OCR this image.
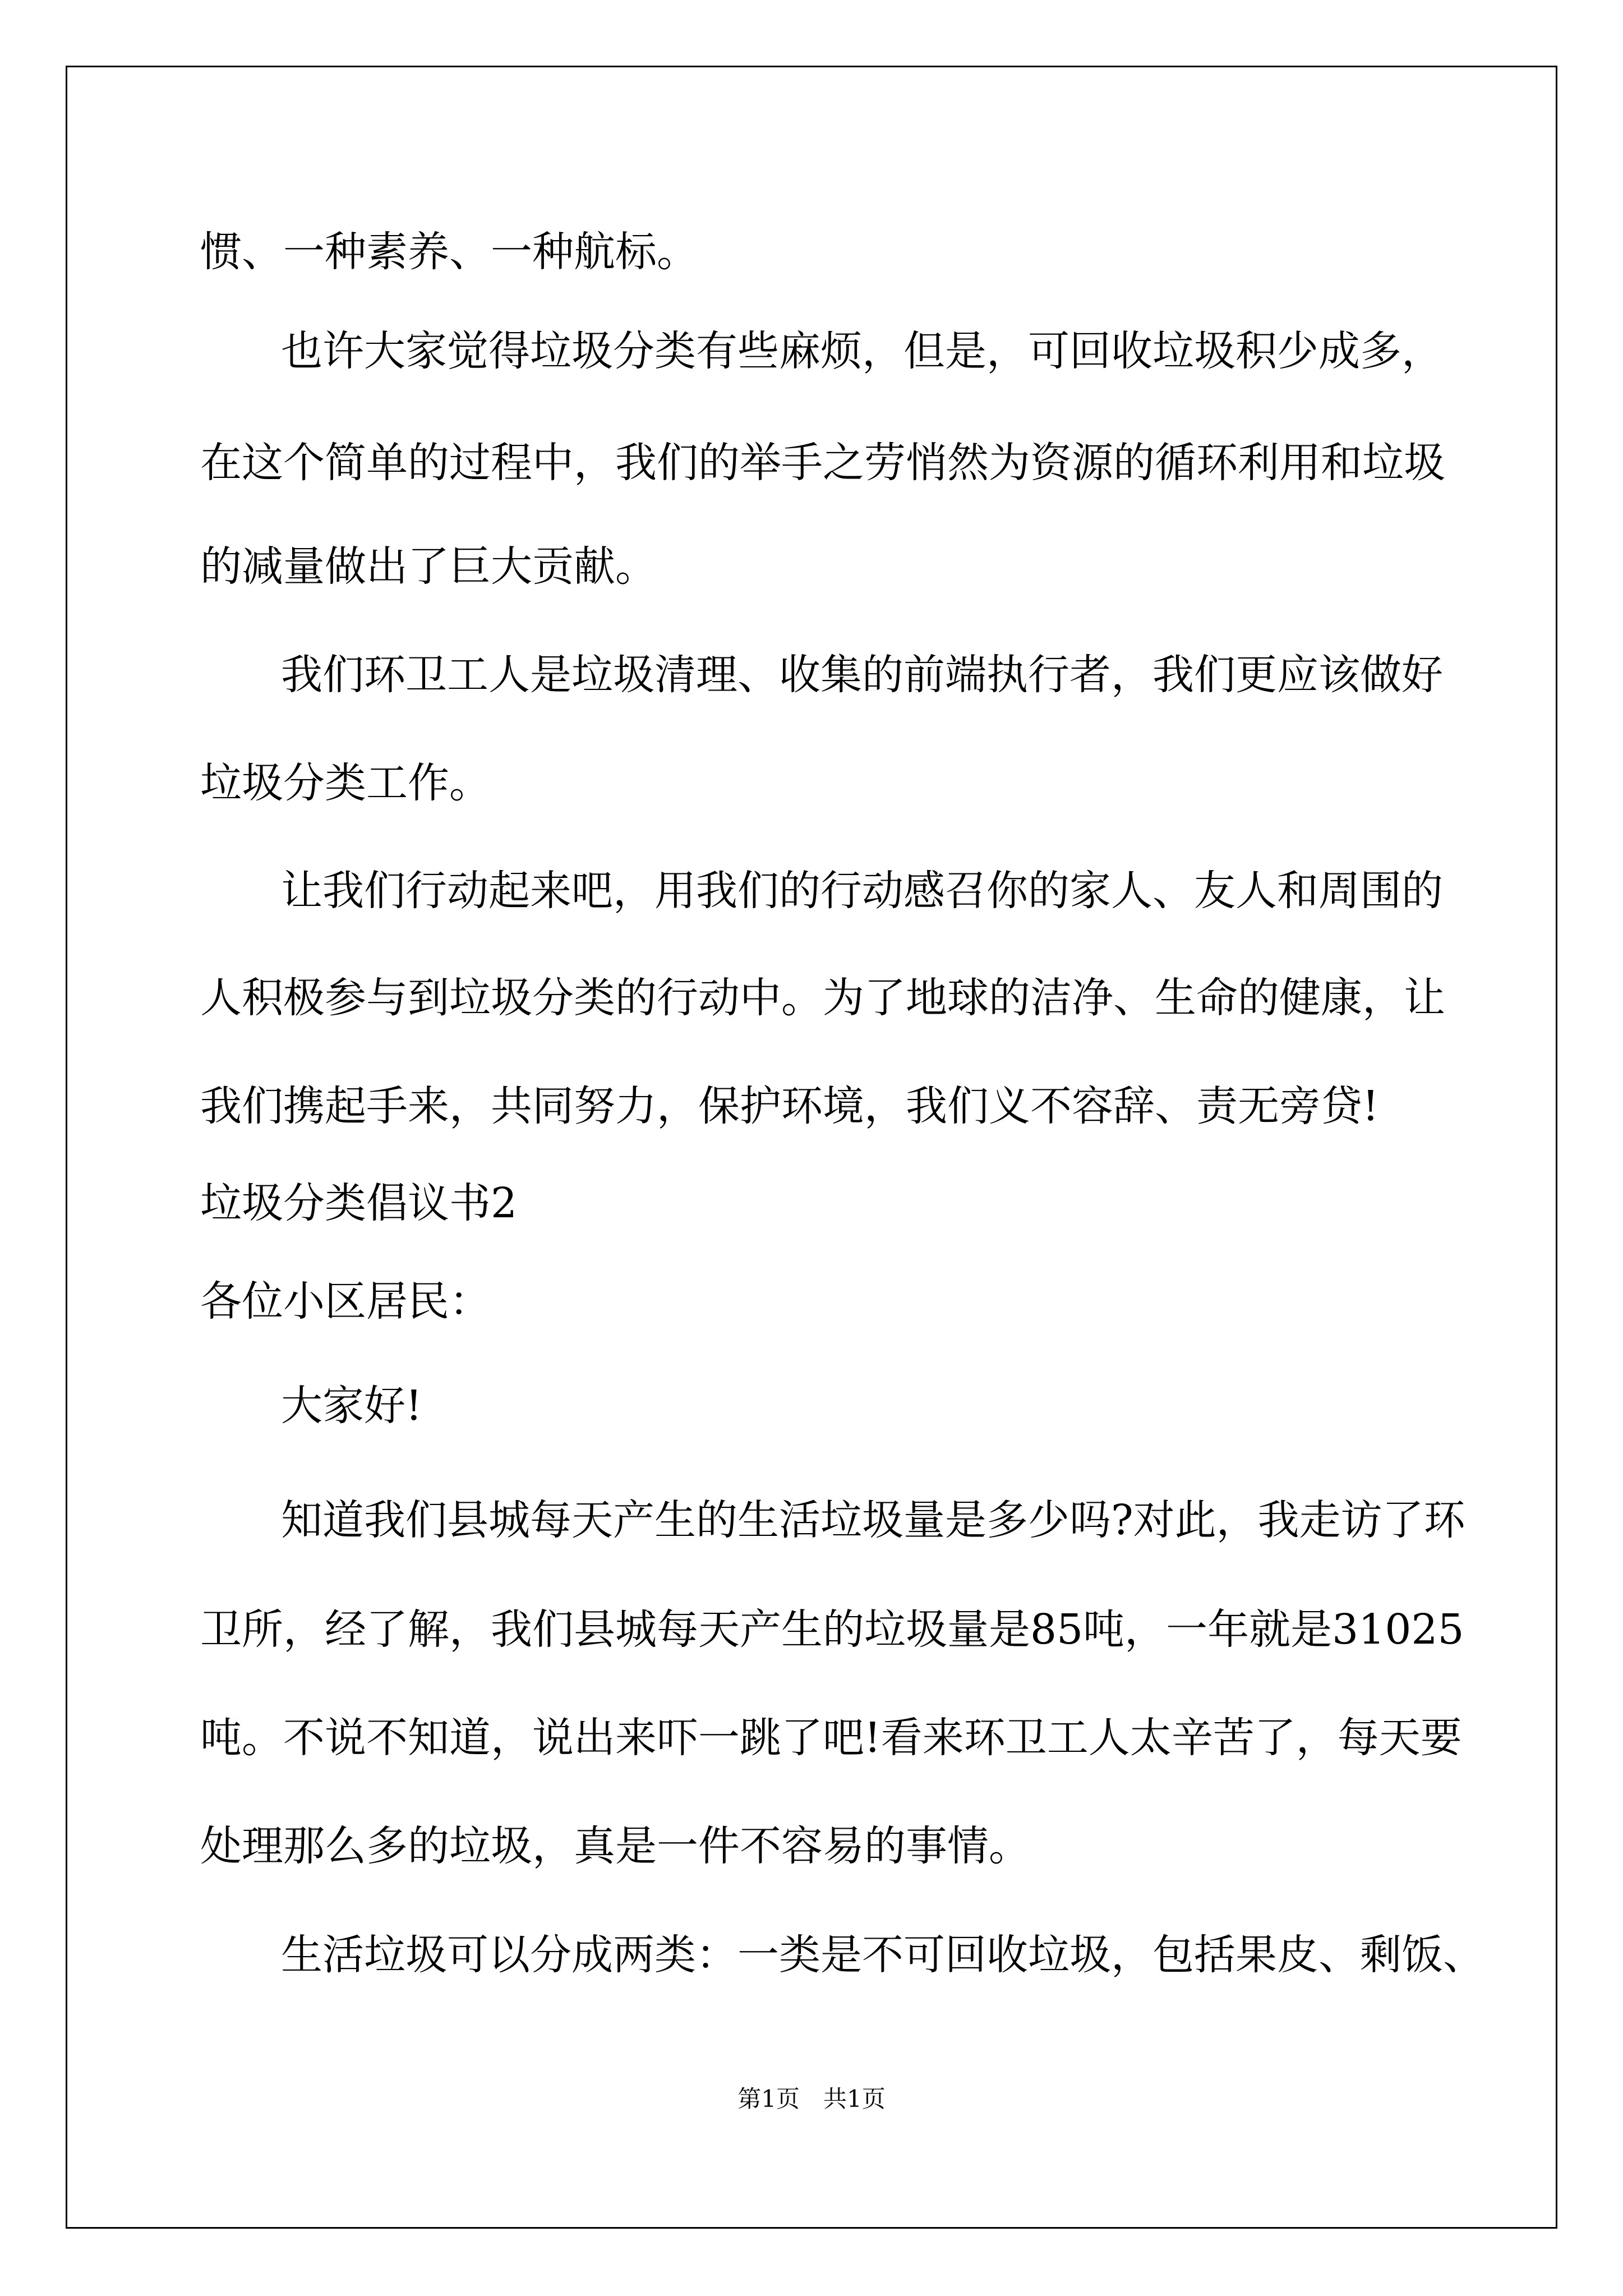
惯、一种素养、一种航标。
也许大家觉得垃圾分类有些麻烦，但是，可回收垃圾积少成多，
在这个简单的过程中，我们的举手之劳悄然为资源的循环利用和垃圾
的减量做出了巨大贡献。
我们环卫工人是垃圾清理、收集的前端执行者，我们更应该做好
垃圾分类工作。
让我们行动起来吧，用我们的行动感召你的家人、友人和周围的
人积极参与到垃圾分类的行动中。为了地球的洁净、生命的健康，让
我们携起手来，共同努力，保护环境，我们义不容辞、责无旁贷!
垃圾分类倡议书2
各位小区居民：
大家好!
知道我们县城每天产生的生活垃圾量是多少吗?对此，我走访了环
卫所，经了解，我们县城每天产生的垃圾量是85吨，一年就是31025
吨。不说不知道，说出来吓一跳了吧!看来环卫工人太辛苦了，每天要
处理那么多的垃圾，真是一件不容易的事情。
生活垃圾可以分成两类：一类是不可回收垃圾，包括果皮、剩饭、
第1页　共1页
